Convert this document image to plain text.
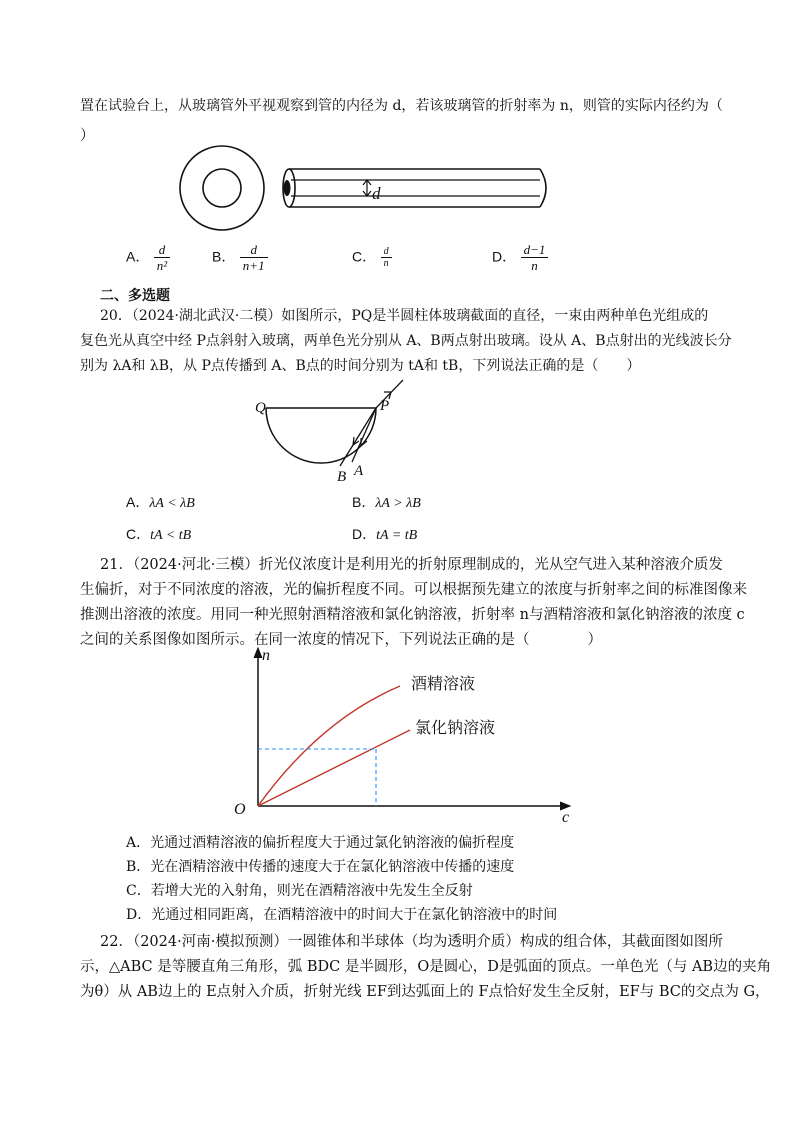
置在试验台上，从玻璃管外平视观察到管的内径为 d，若该玻璃管的折射率为 n，则管的实际内径约为（
）
d
A． $\frac{d}{\text{n²}}$	B． $\frac{d}{n+1}$	C． $\frac{d}{n}$	D． $\frac{d-1}{n}$
二、多选题
20．（2024·湖北武汉·二模）如图所示，PQ是半圆柱体玻璃截面的直径，一束由两种单色光组成的
复色光从真空中经 P点斜射入玻璃，两单色光分别从 A、B两点射出玻璃。设从 A、B点射出的光线波长分
别为 λA和 λB，从 P点传播到 A、B点的时间分别为 tA和 tB，下列说法正确的是（　　）
Q	P
B A
A．λA < λB	B．λA > λB
C．tA < tB	D．tA = tB
21．（2024·河北·三模）折光仪浓度计是利用光的折射原理制成的，光从空气进入某种溶液介质发
生偏折，对于不同浓度的溶液，光的偏折程度不同。可以根据预先建立的浓度与折射率之间的标准图像来
推测出溶液的浓度。用同一种光照射酒精溶液和氯化钠溶液，折射率 n与酒精溶液和氯化钠溶液的浓度 c
之间的关系图像如图所示。在同一浓度的情况下，下列说法正确的是（　　　　）
n
c
O
酒精溶液
氯化钠溶液
A．光通过酒精溶液的偏折程度大于通过氯化钠溶液的偏折程度
B．光在酒精溶液中传播的速度大于在氯化钠溶液中传播的速度
C．若增大光的入射角，则光在酒精溶液中先发生全反射
D．光通过相同距离，在酒精溶液中的时间大于在氯化钠溶液中的时间
22．（2024·河南·模拟预测）一圆锥体和半球体（均为透明介质）构成的组合体，其截面图如图所
示，△ABC 是等腰直角三角形，弧 BDC 是半圆形，O是圆心，D是弧面的顶点。一单色光（与 AB边的夹角
为θ）从 AB边上的 E点射入介质，折射光线 EF到达弧面上的 F点恰好发生全反射，EF与 BC的交点为 G，
